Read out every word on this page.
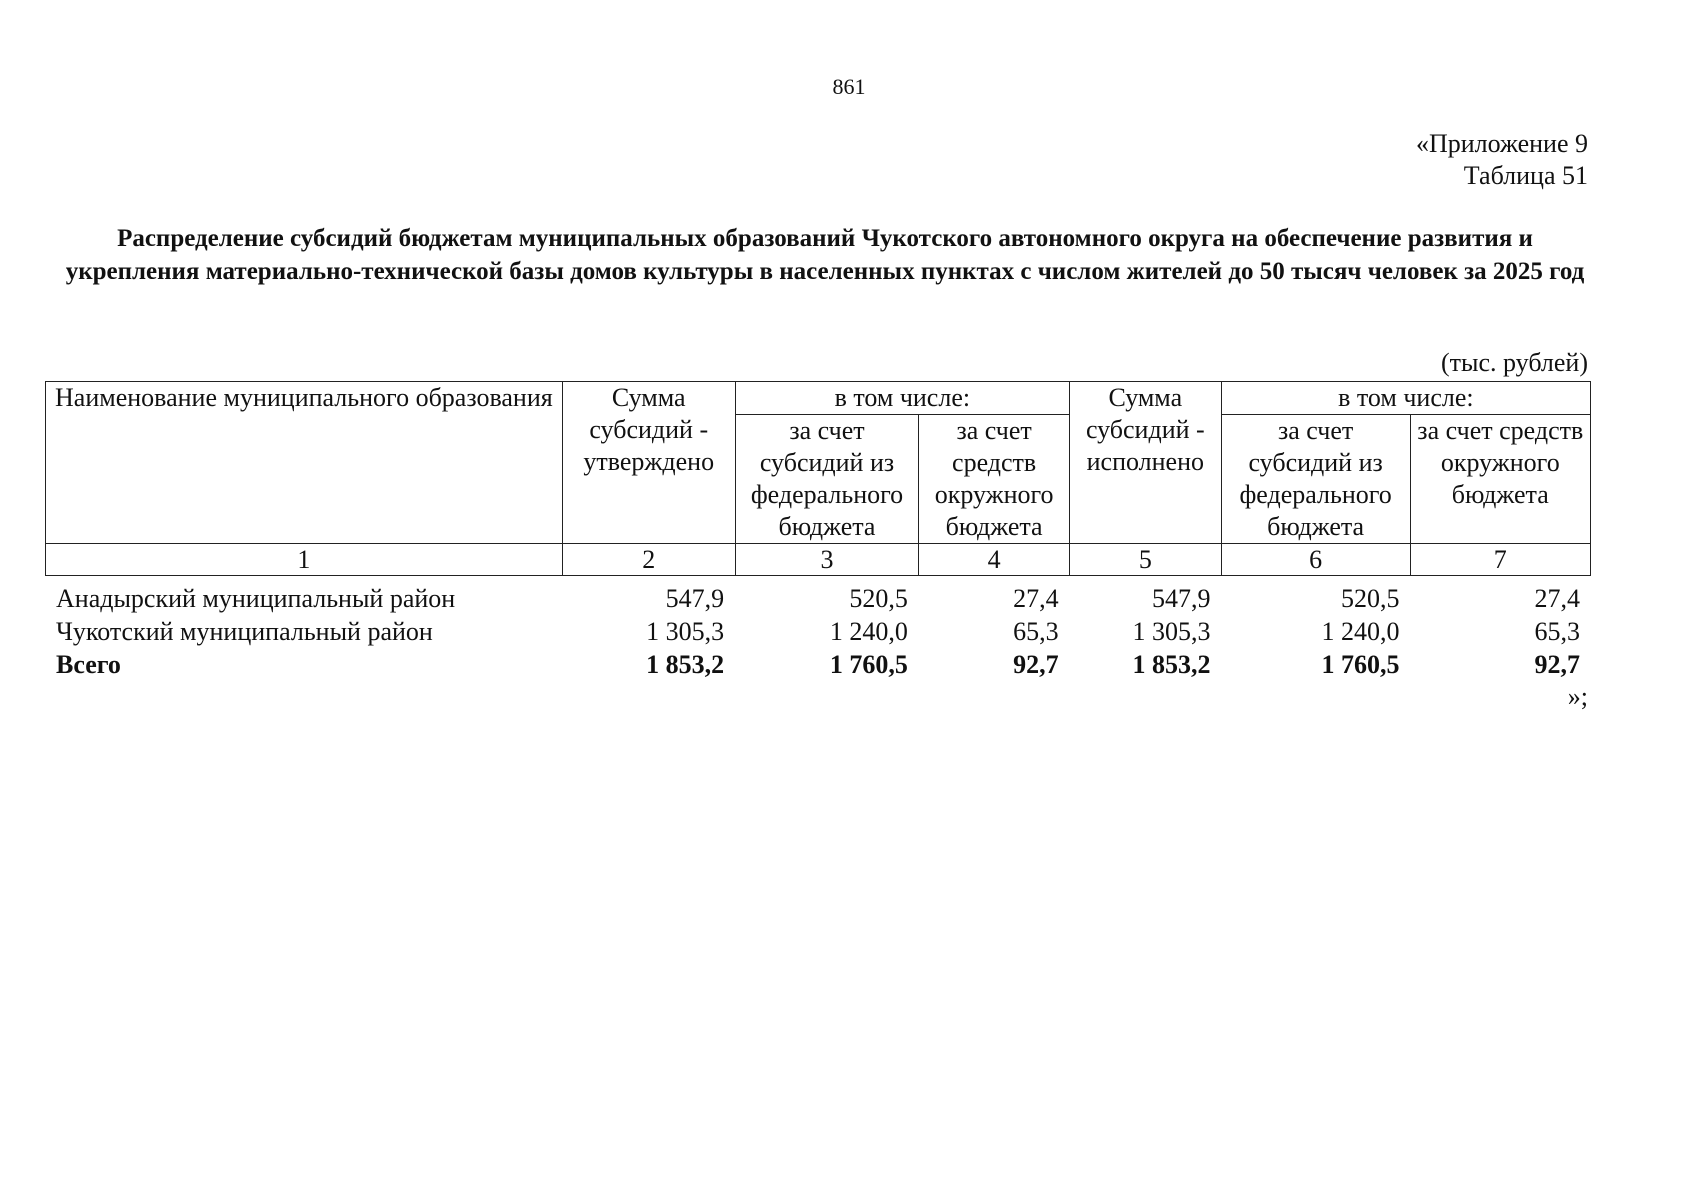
861
«Приложение 9
Таблица 51
Распределение субсидий бюджетам муниципальных образований Чукотского автономного округа на обеспечение развития и укрепления материально-технической базы домов культуры в населенных пунктах с числом жителей до 50 тысяч человек за 2025 год
(тыс. рублей)
Наименование муниципального образования	Сумма субсидий - утверждено	в том числе:		Сумма субсидий - исполнено	в том числе:	
		за счет субсидий из федерального бюджета	за счет средств окружного бюджета		за счет субсидий из федерального бюджета	за счет средств окружного бюджета
1	2	3	4	5	6	7
Анадырский муниципальный район	547,9	520,5	27,4	547,9	520,5	27,4
Чукотский муниципальный район	1 305,3	1 240,0	65,3	1 305,3	1 240,0	65,3
Всего	1 853,2	1 760,5	92,7	1 853,2	1 760,5	92,7
»;
